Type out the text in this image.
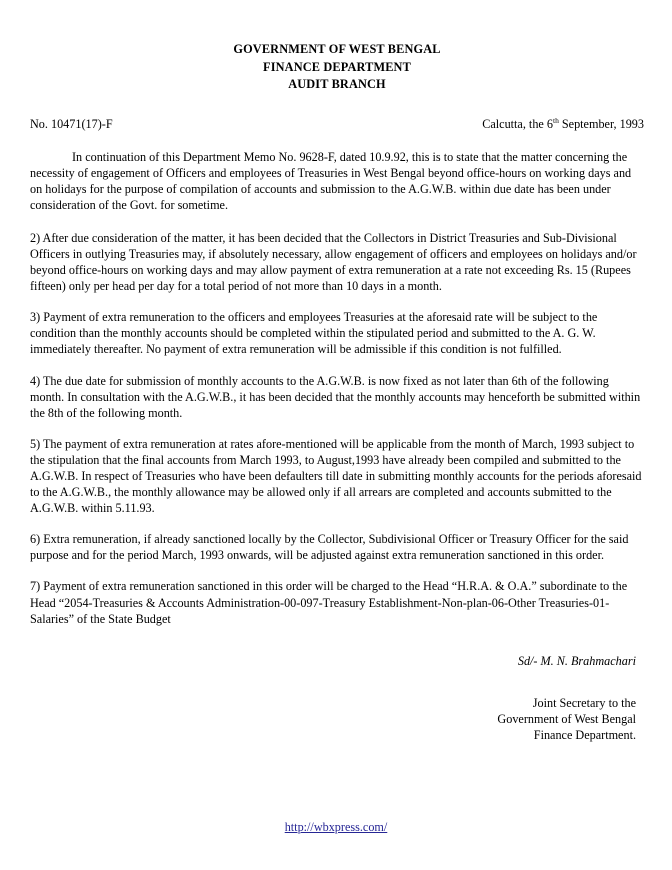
GOVERNMENT OF WEST BENGAL
FINANCE DEPARTMENT
AUDIT BRANCH
No. 10471(17)-F	Calcutta, the 6th September, 1993

In continuation of this Department Memo No. 9628-F, dated 10.9.92, this is to state that the matter concerning the necessity of engagement of Officers and employees of Treasuries in West Bengal beyond office-hours on working days and on holidays for the purpose of compilation of accounts and submission to the A.G.W.B. within due date has been under consideration of the Govt. for sometime.

2) After due consideration of the matter, it has been decided that the Collectors in District Treasuries and Sub-Divisional Officers in outlying Treasuries may, if absolutely necessary, allow engagement of officers and employees on holidays and/or beyond office-hours on working days and may allow payment of extra remuneration at a rate not exceeding Rs. 15 (Rupees fifteen) only per head per day for a total period of not more than 10 days in a month.

3) Payment of extra remuneration to the officers and employees Treasuries at the aforesaid rate will be subject to the condition than the monthly accounts should be completed within the stipulated period and submitted to the A. G. W. immediately thereafter. No payment of extra remuneration will be admissible if this condition is not fulfilled.

4) The due date for submission of monthly accounts to the A.G.W.B. is now fixed as not later than 6th of the following month. In consultation with the A.G.W.B., it has been decided that the monthly accounts may henceforth be submitted within the 8th of the following month.

5) The payment of extra remuneration at rates afore-mentioned will be applicable from the month of March, 1993 subject to the stipulation that the final accounts from March 1993, to August,1993 have already been compiled and submitted to the A.G.W.B. In respect of Treasuries who have been defaulters till date in submitting monthly accounts for the periods aforesaid to the A.G.W.B., the monthly allowance may be allowed only if all arrears are completed and accounts submitted to the A.G.W.B. within 5.11.93.

6) Extra remuneration, if already sanctioned locally by the Collector, Subdivisional Officer or Treasury Officer for the said purpose and for the period March, 1993 onwards, will be adjusted against extra remuneration sanctioned in this order.

7) Payment of extra remuneration sanctioned in this order will be charged to the Head “H.R.A. & O.A.” subordinate to the Head “2054-Treasuries & Accounts Administration-00-097-Treasury Establishment-Non-plan-06-Other Treasuries-01-Salaries” of the State Budget

Sd/- M. N. Brahmachari
Joint Secretary to the
Government of West Bengal
Finance Department.
http://wbxpress.com/
